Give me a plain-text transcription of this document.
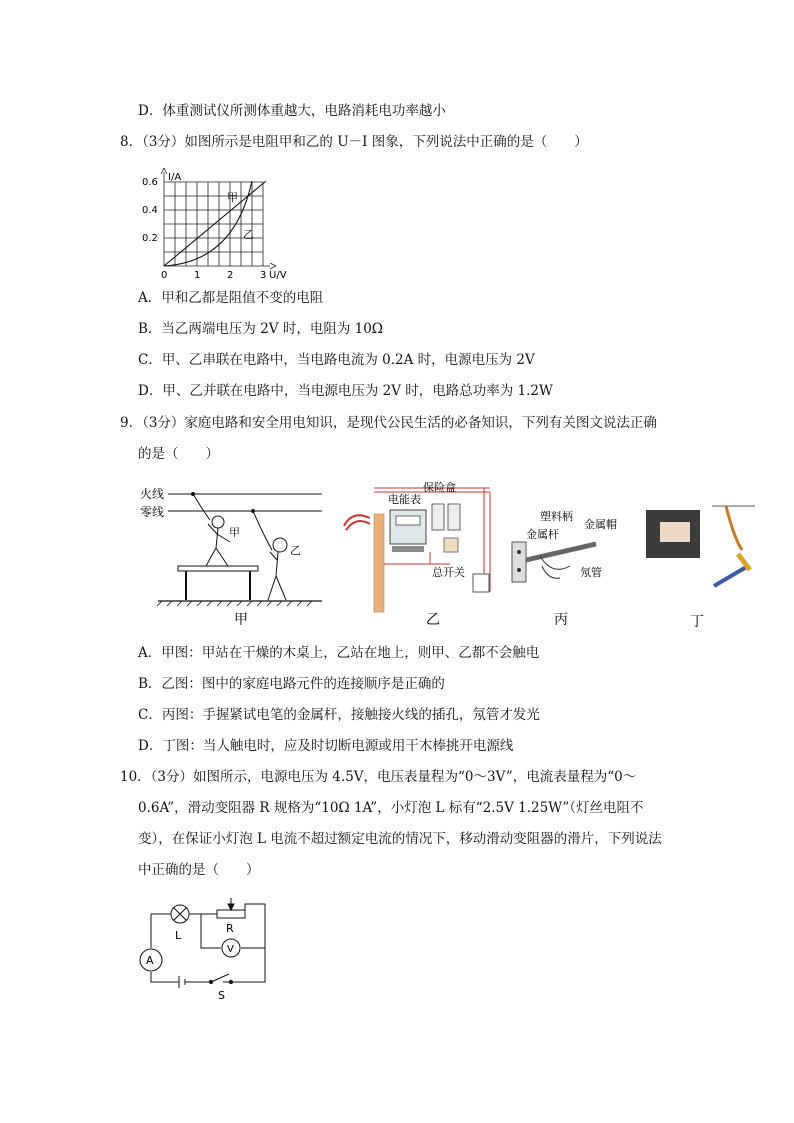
D．体重测试仪所测体重越大，电路消耗电功率越小
8．（3分）如图所示是电阻甲和乙的 U－I 图象，下列说法中正确的是（　　）
I/A
0.6
0.4
0.2
0	1	2	3 U/V
甲
乙
A．甲和乙都是阻值不变的电阻
B．当乙两端电压为 2V 时，电阻为 10Ω
C．甲、乙串联在电路中，当电路电流为 0.2A 时，电源电压为 2V
D．甲、乙并联在电路中，当电源电压为 2V 时，电路总功率为 1.2W
9．（3分）家庭电路和安全用电知识，是现代公民生活的必备知识，下列有关图文说法正确
的是（　　）
火线
零线
甲
乙
甲
电能表
保险盒
总开关
乙
塑料柄
金属帽
金属杆
氖管
丙	丁
A．甲图：甲站在干燥的木桌上，乙站在地上，则甲、乙都不会触电
B．乙图：图中的家庭电路元件的连接顺序是正确的
C．丙图：手握紧试电笔的金属杆，接触接火线的插孔，氖管才发光
D．丁图：当人触电时，应及时切断电源或用干木棒挑开电源线
10．（3分）如图所示，电源电压为 4.5V，电压表量程为“0～3V”，电流表量程为“0～
0.6A”，滑动变阻器 R 规格为“10Ω 1A”，小灯泡 L 标有“2.5V 1.25W”（灯丝电阻不
变），在保证小灯泡 L 电流不超过额定电流的情况下，移动滑动变阻器的滑片，下列说法
中正确的是（　　）
L
R
V
A
S
